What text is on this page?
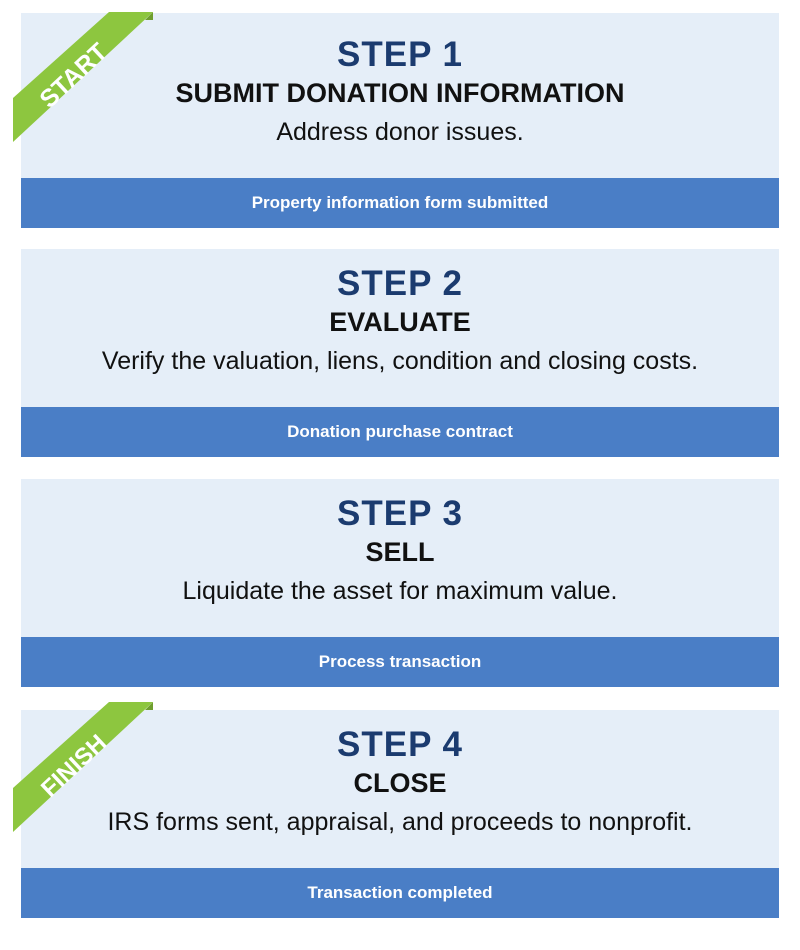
STEP 1
SUBMIT DONATION INFORMATION
Address donor issues.
Property information form submitted
STEP 2
EVALUATE
Verify the valuation, liens, condition and closing costs.
Donation purchase contract
STEP 3
SELL
Liquidate the asset for maximum value.
Process transaction
STEP 4
CLOSE
IRS forms sent, appraisal, and proceeds to nonprofit.
Transaction completed
START
FINISH
